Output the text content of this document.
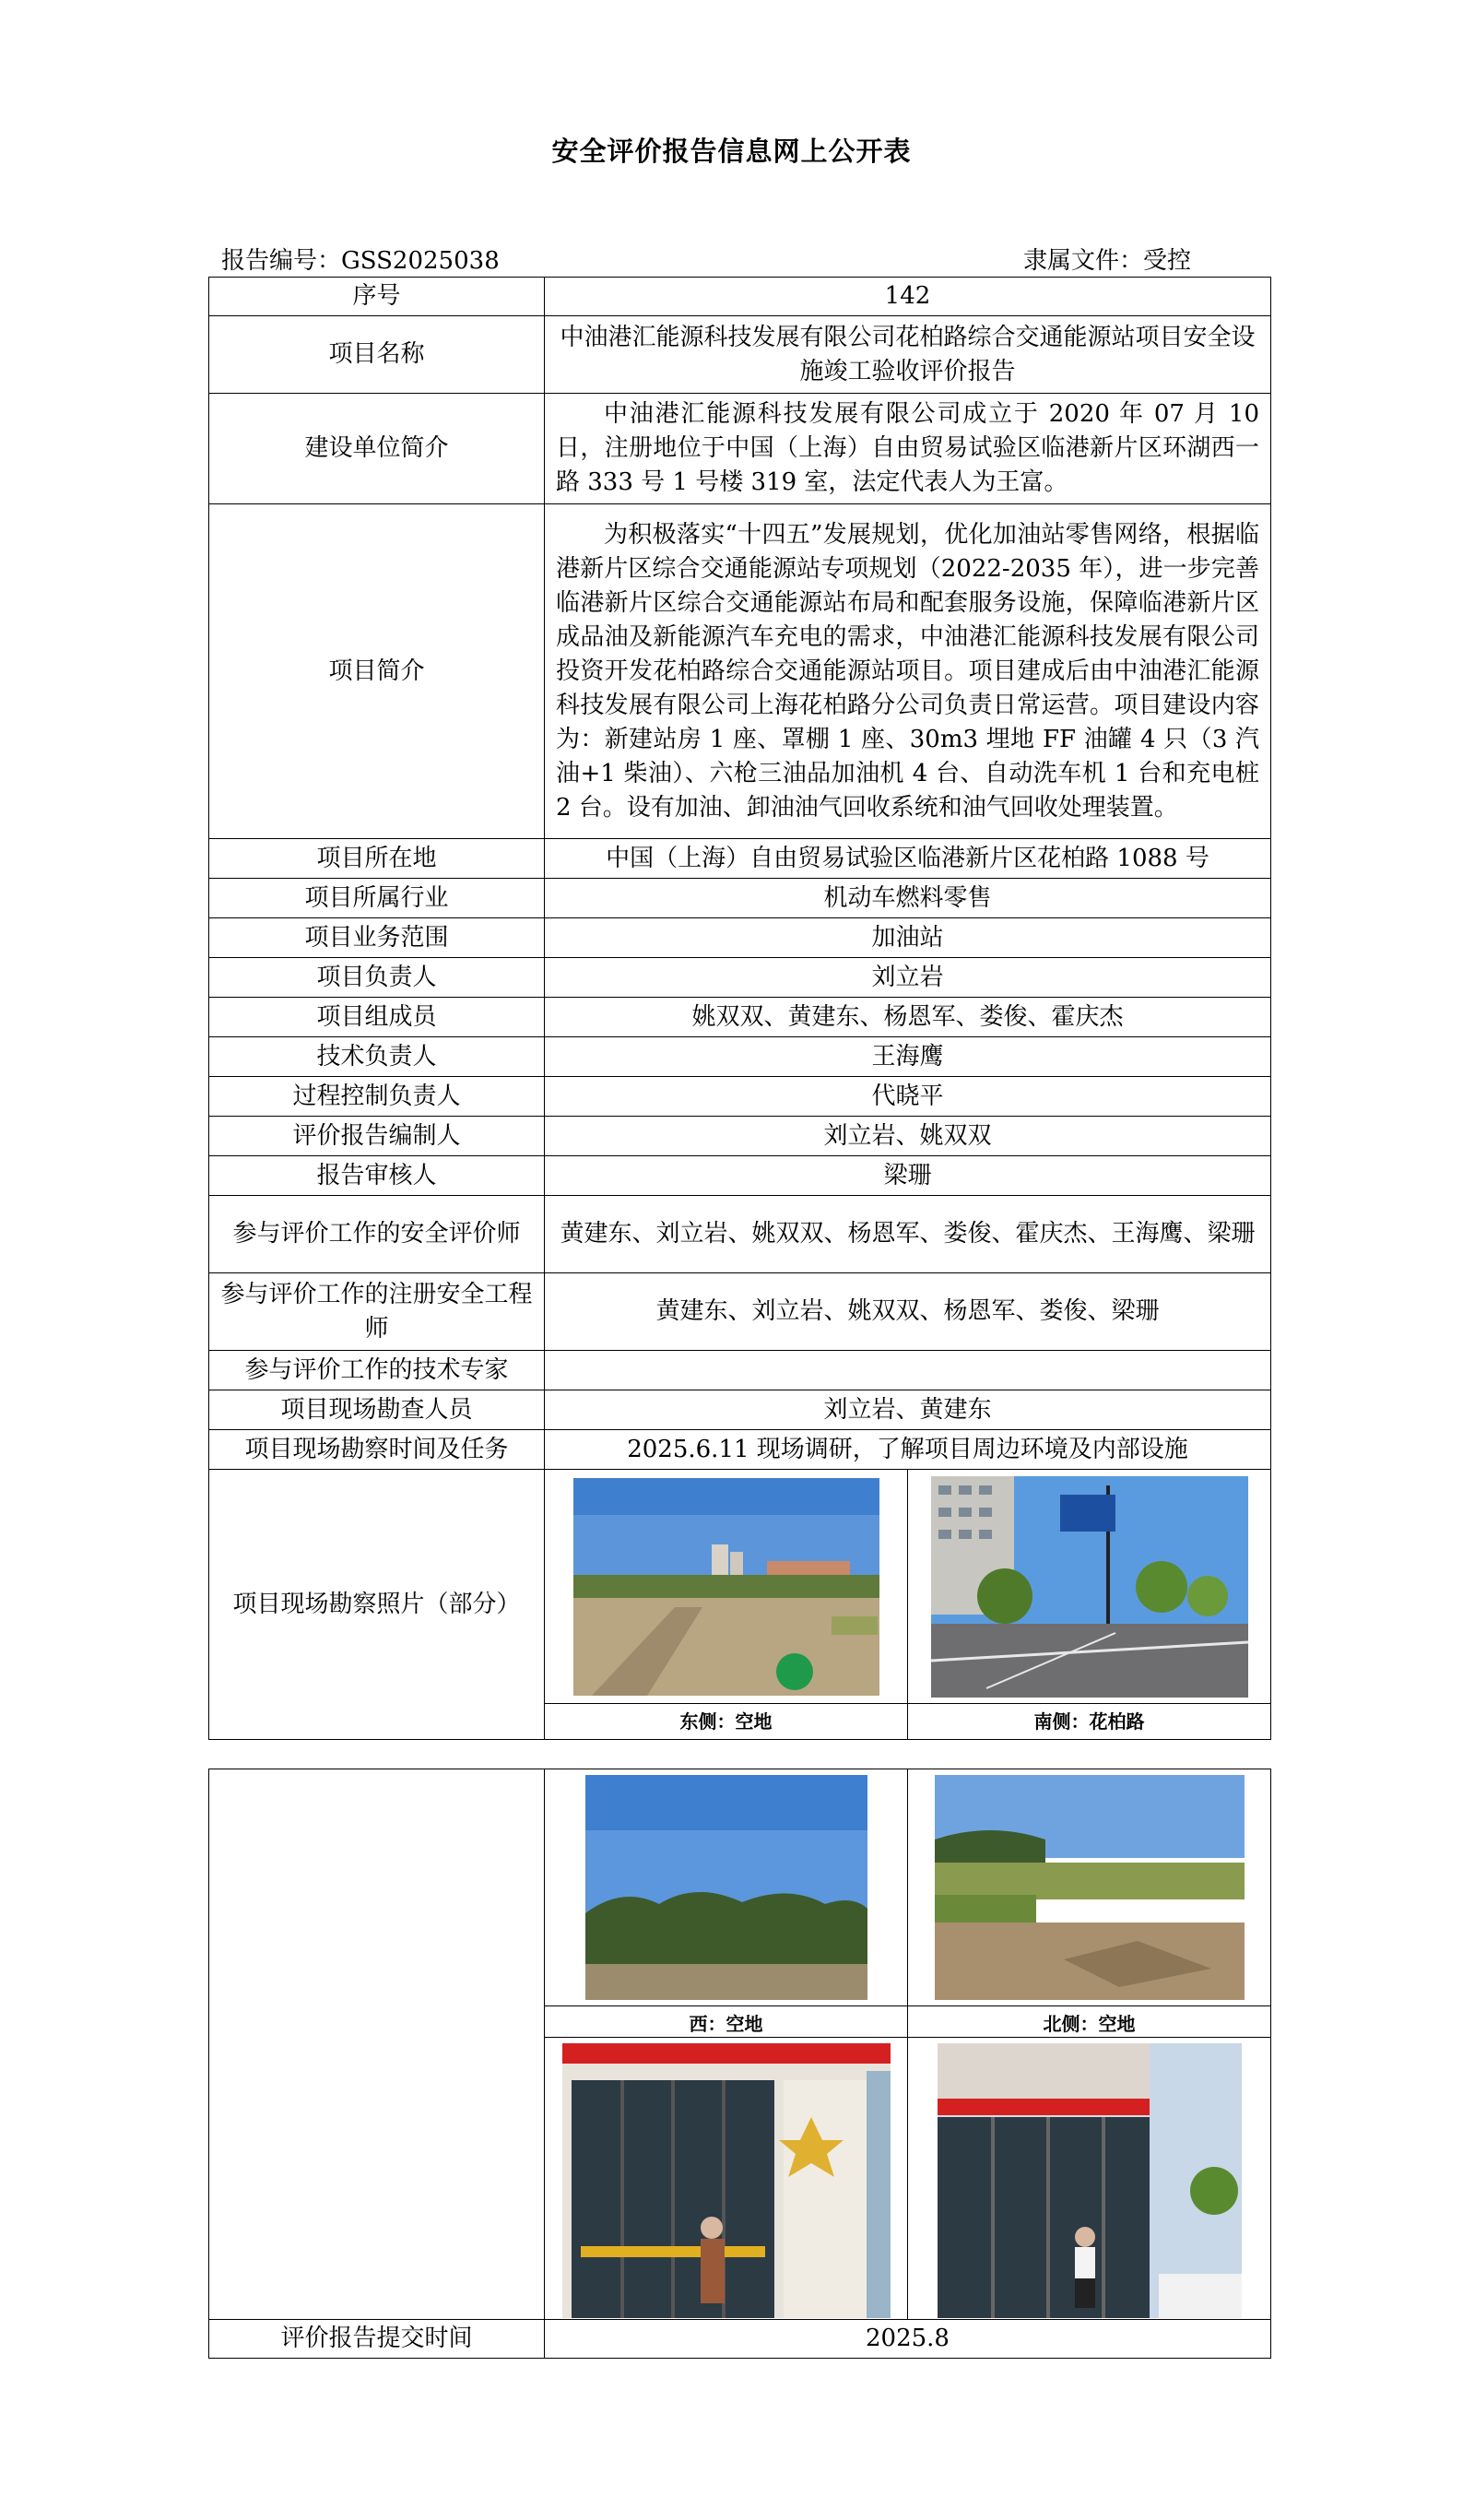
安全评价报告信息网上公开表
报告编号：GSS2025038	隶属文件：受控
序号	142
项目名称	中油港汇能源科技发展有限公司花柏路综合交通能源站项目安全设施竣工验收评价报告
建设单位简介	中油港汇能源科技发展有限公司成立于 2020 年 07 月 10 日，注册地位于中国（上海）自由贸易试验区临港新片区环湖西一路 333 号 1 号楼 319 室，法定代表人为王富。
项目简介	为积极落实“十四五”发展规划，优化加油站零售网络，根据临港新片区综合交通能源站专项规划（2022-2035 年），进一步完善临港新片区综合交通能源站布局和配套服务设施，保障临港新片区成品油及新能源汽车充电的需求，中油港汇能源科技发展有限公司投资开发花柏路综合交通能源站项目。项目建成后由中油港汇能源科技发展有限公司上海花柏路分公司负责日常运营。项目建设内容为：新建站房 1 座、罩棚 1 座、30m3 埋地 FF 油罐 4 只（3 汽油+1 柴油）、六枪三油品加油机 4 台、自动洗车机 1 台和充电桩 2 台。设有加油、卸油油气回收系统和油气回收处理装置。
项目所在地	中国（上海）自由贸易试验区临港新片区花柏路 1088 号
项目所属行业	机动车燃料零售
项目业务范围	加油站
项目负责人	刘立岩
项目组成员	姚双双、黄建东、杨恩军、娄俊、霍庆杰
技术负责人	王海鹰
过程控制负责人	代晓平
评价报告编制人	刘立岩、姚双双
报告审核人	梁珊
参与评价工作的安全评价师	黄建东、刘立岩、姚双双、杨恩军、娄俊、霍庆杰、王海鹰、梁珊
参与评价工作的注册安全工程师	黄建东、刘立岩、姚双双、杨恩军、娄俊、梁珊
参与评价工作的技术专家	
项目现场勘查人员	刘立岩、黄建东
项目现场勘察时间及任务	2025.6.11 现场调研，了解项目周边环境及内部设施
项目现场勘察照片（部分）	东侧：空地 南侧：花柏路

	西：空地 北侧：空地

评价报告提交时间	2025.8
